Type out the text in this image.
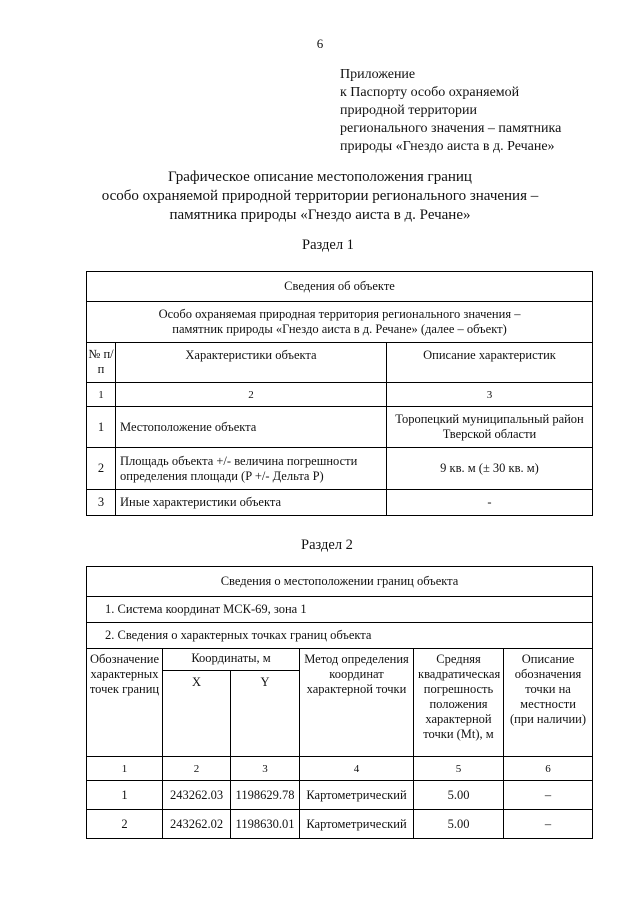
6
Приложение
к Паспорту особо охраняемой
природной территории
регионального значения – памятника
природы «Гнездо аиста в д. Речане»
Графическое описание местоположения границ
особо охраняемой природной территории регионального значения –
памятника природы «Гнездо аиста в д. Речане»
Раздел 1
Сведения об объекте		

Особо охраняемая природная территория регионального значения –
памятник природы «Гнездо аиста в д. Речане» (далее – объект)		

№ п/п	Характеристики объекта	Описание характеристик
1	2	3
1	Местоположение объекта	Торопецкий муниципальный район Тверской области
2	Площадь объекта +/- величина погрешности определения площади (P +/- Дельта P)	9 кв. м (± 30 кв. м)
3	Иные характеристики объекта	-
Раздел 2
Сведения о местоположении границ объекта					
1. Система координат МСК-69, зона 1					
2. Сведения о характерных точках границ объекта					
Обозначение характерных точек границ	Координаты, м		Метод определения координат характерной точки	Средняя квадратическая погрешность положения характерной точки (Mt), м	Описание обозначения точки на местности (при наличии)
	X	Y			
1	2	3	4	5	6
1	243262.03	1198629.78	Картометрический	5.00	–
2	243262.02	1198630.01	Картометрический	5.00	–
